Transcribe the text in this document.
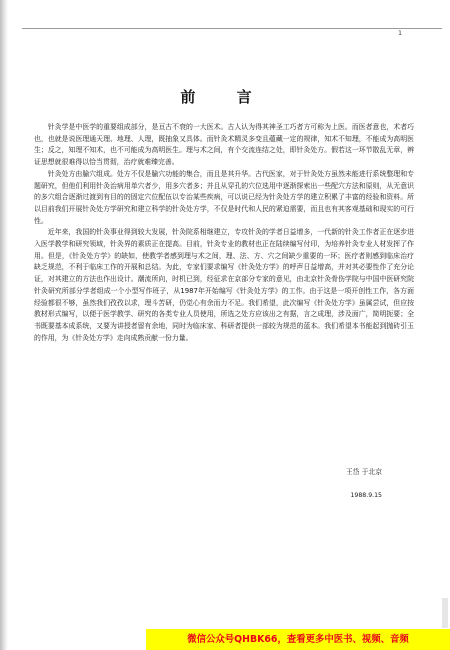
1
前 言

针灸学是中医学的重要组成部分，是亘古不衰的一大医术。古人认为得其神圣工巧者方可称为上医。而医者意也，术者巧也，也就是说医理通天理、地理、人理，既抽象又具体。而针灸术精灵多变且蕴藏一定的规律，知术不知理，不能成为高明医生；反之，知理不知术，也不可能成为高明医生。理与术之间，有个交流连结之处，即针灸处方。假若这一环节散乱无章，辨证思想就很难得以恰当贯彻，治疗就难臻完善。

针灸处方由腧穴组成。处方不仅是腧穴功能的集合，而且是其升华。古代医家，对于针灸处方虽然未能进行系统整理和专题研究，但他们利用针灸治病用单穴者少，用多穴者多；并且从穿孔的穴位选用中逐渐探索出一些配穴方法和原则，从无意识的多穴组合逐渐过渡到有目的的固定穴位配伍以专治某些疾病，可以说已经为针灸处方学的建立积累了丰富的经验和资料。所以目前我们开展针灸处方学研究和建立科学的针灸处方学，不仅是时代和人民的紧迫需要，而且也有其客观基础和现实的可行性。

近年来，我国的针灸事业得到较大发展，针灸院系相继建立，专攻针灸的学者日益增多，一代新的针灸工作者正在逐步进入医学教学和研究领域，针灸界的素质正在提高。目前，针灸专业的教材也正在陆续编写付印，为培养针灸专业人材发挥了作用。但是，《针灸处方学》的缺如，使教学者感到理与术之间，理、法、方、穴之间缺少重要的一环；医疗者则感到临床治疗缺乏规范，不利于临床工作的开展和总结。为此，专家们要求编写《针灸处方学》的呼声日益增高，并对其必要性作了充分论证，对其建立的方法也作出设计。潮流所向，时机已到，经征求在京部分专家的意见，由北京针灸骨伤学院与中国中医研究院针灸研究所部分学者组成一个小型写作班子，从1987年开始编写《针灸处方学》的工作。由于这是一项开创性工作，各方面经验都很不够，虽然我们孜孜以求，理斗苦研，仍觉心有余而力不足。我们希望，此次编写《针灸处方学》虽属尝试，但应按教材形式编写，以便于医学教学、研究的各类专业人员使用，所选之处方应该出之有据，言之成理，涉及面广，简明扼要；全书既要基本成系统，又要为讲授者留有余地，同时为临床家、科研者提供一部较为规范的蓝本。我们希望本书能起到抛砖引玉的作用，为《针灸处方学》走向成熟贡献一份力量。

王岱 于北京
1988.9.15
微信公众号QHBK66，查看更多中医书、视频、音频
